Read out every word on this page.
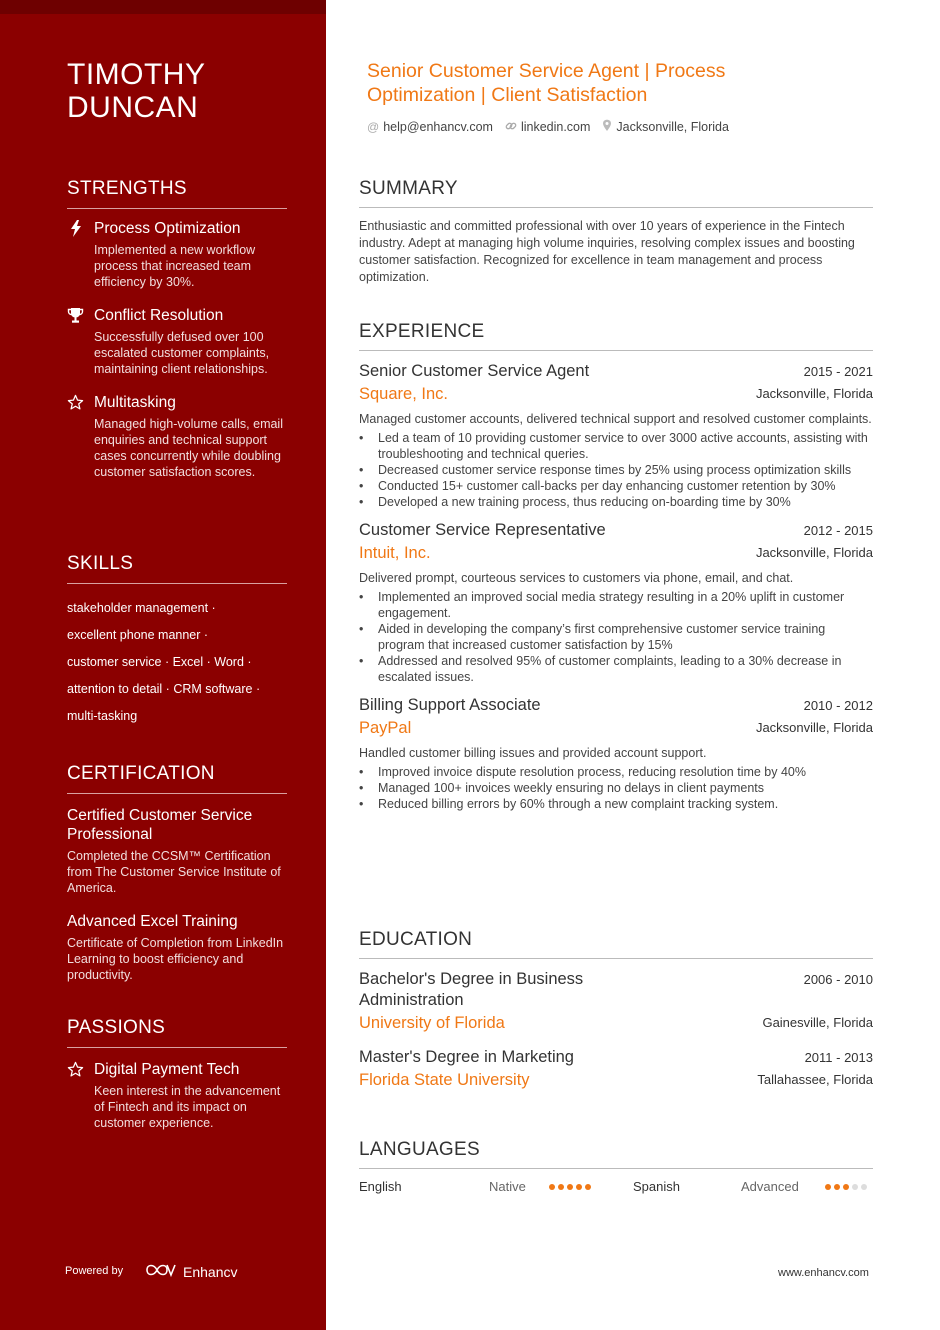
TIMOTHY DUNCAN
STRENGTHS
Process Optimization
Implemented a new workflow process that increased team efficiency by 30%.
Conflict Resolution
Successfully defused over 100 escalated customer complaints, maintaining client relationships.
Multitasking
Managed high-volume calls, email enquiries and technical support cases concurrently while doubling customer satisfaction scores.
SKILLS
stakeholder management ·
excellent phone manner ·
customer service · Excel · Word ·
attention to detail · CRM software ·
multi-tasking
CERTIFICATION
Certified Customer Service Professional
Completed the CCSM™ Certification from The Customer Service Institute of America.
Advanced Excel Training
Certificate of Completion from LinkedIn Learning to boost efficiency and productivity.
PASSIONS
Digital Payment Tech
Keen interest in the advancement of Fintech and its impact on customer experience.
Powered by	Enhancv
Senior Customer Service Agent | Process Optimization | Client Satisfaction
@ help@enhancv.com linkedin.com Jacksonville, Florida
SUMMARY
Enthusiastic and committed professional with over 10 years of experience in the Fintech industry. Adept at managing high volume inquiries, resolving complex issues and boosting customer satisfaction. Recognized for excellence in team management and process optimization.
EXPERIENCE
Senior Customer Service Agent	2015 - 2021
Square, Inc.	Jacksonville, Florida
Managed customer accounts, delivered technical support and resolved customer complaints.
• Led a team of 10 providing customer service to over 3000 active accounts, assisting with troubleshooting and technical queries.
• Decreased customer service response times by 25% using process optimization skills
• Conducted 15+ customer call-backs per day enhancing customer retention by 30%
• Developed a new training process, thus reducing on-boarding time by 30%
Customer Service Representative	2012 - 2015
Intuit, Inc.	Jacksonville, Florida
Delivered prompt, courteous services to customers via phone, email, and chat.
• Implemented an improved social media strategy resulting in a 20% uplift in customer engagement.
• Aided in developing the company’s first comprehensive customer service training program that increased customer satisfaction by 15%
• Addressed and resolved 95% of customer complaints, leading to a 30% decrease in escalated issues.
Billing Support Associate	2010 - 2012
PayPal	Jacksonville, Florida
Handled customer billing issues and provided account support.
• Improved invoice dispute resolution process, reducing resolution time by 40%
• Managed 100+ invoices weekly ensuring no delays in client payments
• Reduced billing errors by 60% through a new complaint tracking system.
EDUCATION
Bachelor's Degree in Business Administration
2006 - 2010
University of Florida	Gainesville, Florida
Master's Degree in Marketing	2011 - 2013
Florida State University	Tallahassee, Florida
LANGUAGES
English	Native	Spanish	Advanced
www.enhancv.com
